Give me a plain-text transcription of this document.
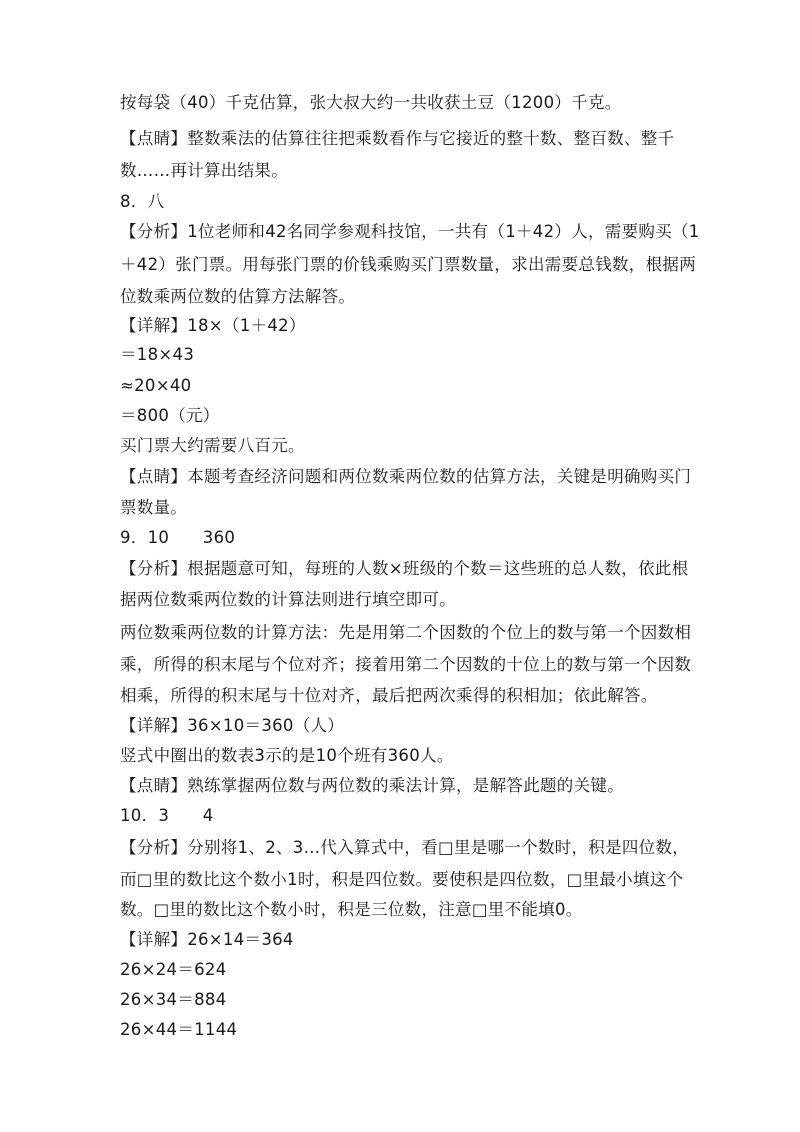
按每袋（40）千克估算，张大叔大约一共收获土豆（1200）千克。
【点睛】整数乘法的估算往往把乘数看作与它接近的整十数、整百数、整千
数……再计算出结果。
8．八
【分析】1位老师和42名同学参观科技馆，一共有（1＋42）人，需要购买（1
＋42）张门票。用每张门票的价钱乘购买门票数量，求出需要总钱数，根据两
位数乘两位数的估算方法解答。
【详解】18×（1＋42）
＝18×43
≈20×40
＝800（元）
买门票大约需要八百元。
【点睛】本题考查经济问题和两位数乘两位数的估算方法，关键是明确购买门
票数量。
9．10　　360
【分析】根据题意可知，每班的人数×班级的个数＝这些班的总人数，依此根
据两位数乘两位数的计算法则进行填空即可。
两位数乘两位数的计算方法：先是用第二个因数的个位上的数与第一个因数相
乘，所得的积末尾与个位对齐；接着用第二个因数的十位上的数与第一个因数
相乘，所得的积末尾与十位对齐，最后把两次乘得的积相加；依此解答。
【详解】36×10＝360（人）
竖式中圈出的数表3示的是10个班有360人。
【点睛】熟练掌握两位数与两位数的乘法计算，是解答此题的关键。
10．3　　4
【分析】分别将1、2、3…代入算式中，看□里是哪一个数时，积是四位数，
而□里的数比这个数小1时，积是四位数。要使积是四位数，□里最小填这个
数。□里的数比这个数小时，积是三位数，注意□里不能填0。
【详解】26×14＝364
26×24＝624
26×34＝884
26×44＝1144
